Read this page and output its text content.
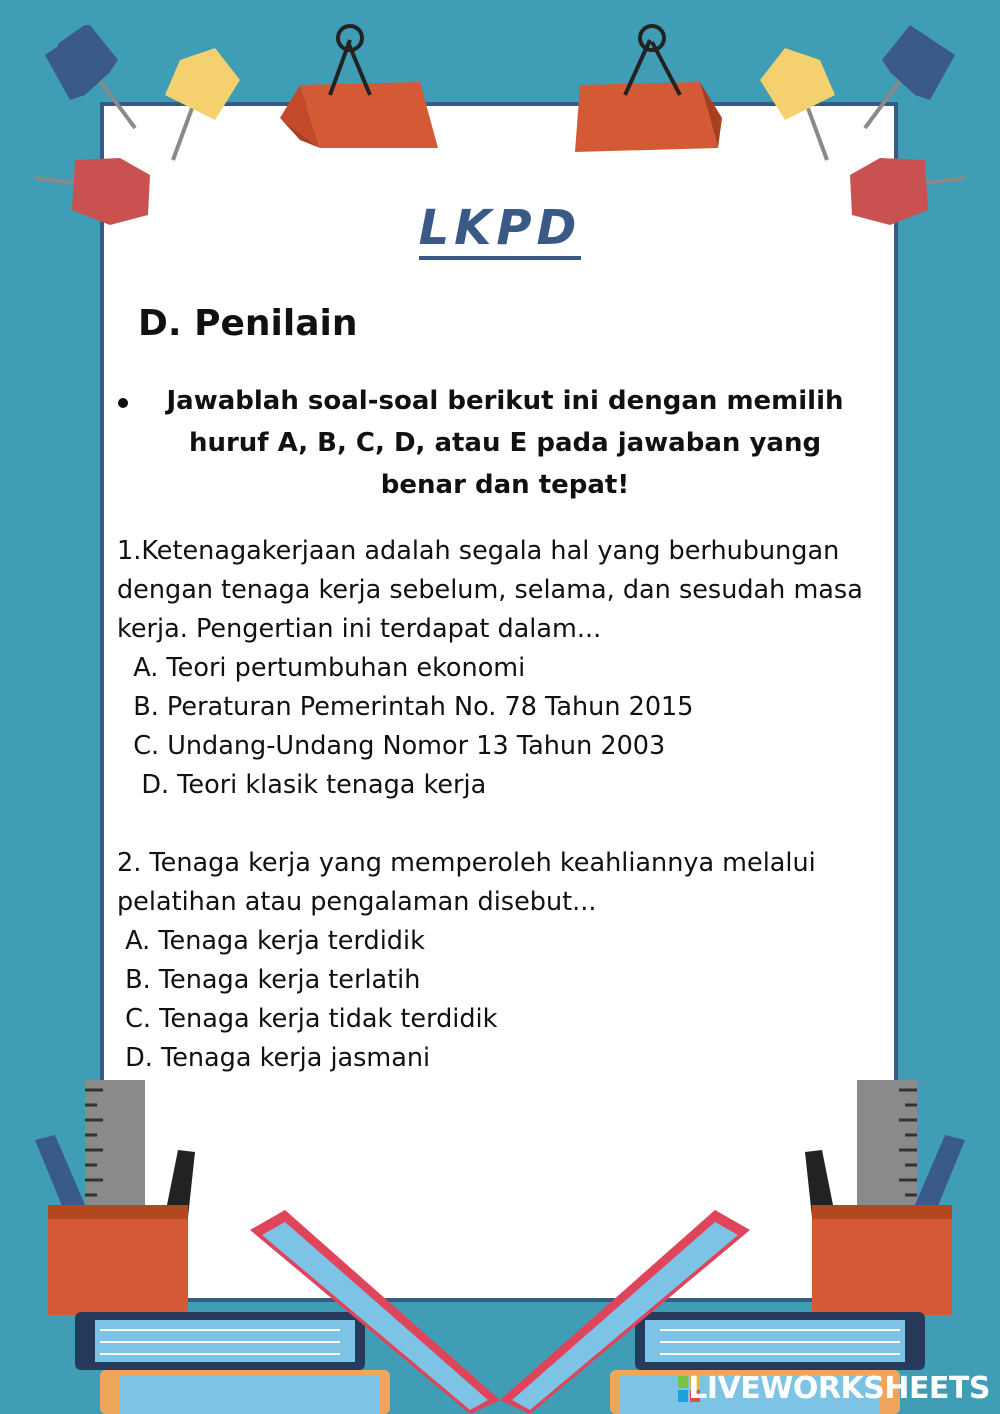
LKPD
D. Penilain
Jawablah soal-soal berikut ini dengan memilih
huruf A, B, C, D, atau E pada jawaban yang
benar dan tepat!

1.Ketenagakerjaan adalah segala hal yang berhubungan

dengan tenaga kerja sebelum, selama, dan sesudah masa

kerja. Pengertian ini terdapat dalam...

A. Teori pertumbuhan ekonomi

B. Peraturan Pemerintah No. 78 Tahun 2015

C. Undang-Undang Nomor 13 Tahun 2003

D. Teori klasik tenaga kerja

2. Tenaga kerja yang memperoleh keahliannya melalui

pelatihan atau pengalaman disebut...

A. Tenaga kerja terdidik

B. Tenaga kerja terlatih

C. Tenaga kerja tidak terdidik

D. Tenaga kerja jasmani

LIVEWORKSHEETS
